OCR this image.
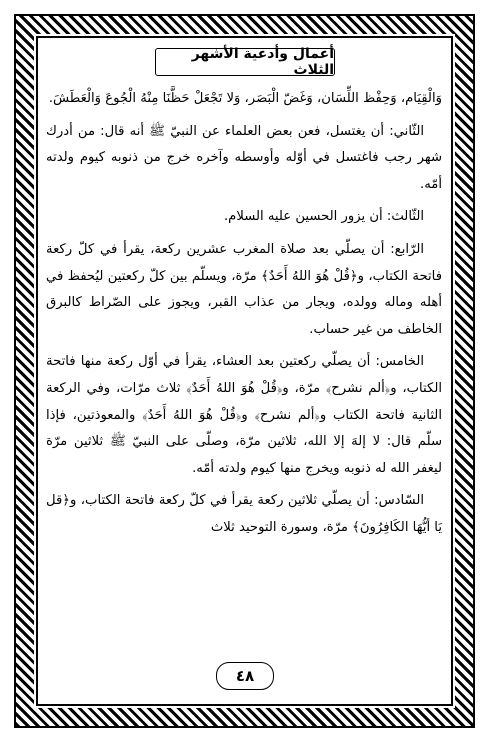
أعمال وأدعية الأشهر الثلاث

وَالْقِيَام، وَحِفْظ اللِّسَان، وَغَضّ الْبَصَر، وَلا تَجْعَلْ حَظَّنَا مِنْهُ الْجُوعَ وَالْعَطَشَ.

الثّاني: أن يغتسل، فعن بعض العلماء عن النبيّ ﷺ أنه قال: من أدرك شهر رجب فاغتسل في أوّله وأوسطه وآخره خرج من ذنوبه كيوم ولدته أمّه.

الثّالث: أن يزور الحسين عليه السلام.

الرّابع: أن يصلّي بعد صلاة المغرب عشرين ركعة، يقرأ في كلّ ركعة فاتحة الكتاب، و﴿قُلْ هُوَ اللهُ أَحَدٌ﴾ مرّة، ويسلّم بين كلّ ركعتين ليُحفظ في أهله وماله وولده، ويجار من عذاب القبر، ويجوز على الصّراط كالبرق الخاطف من غير حساب.

الخامس: أن يصلّي ركعتين بعد العشاء، يقرأ في أوّل ركعة منها فاتحة الكتاب، و﴿ألم نشرح﴾ مرّة، و﴿قُلْ هُوَ اللهُ أَحَدٌ﴾ ثلاث مرّات، وفي الركعة الثانية فاتحة الكتاب و﴿ألم نشرح﴾ و﴿قُلْ هُوَ اللهُ أَحَدٌ﴾ والمعوذتين، فإذا سلّم قال: لا إلهَ إلا الله، ثلاثين مرّة، وصلّى على النبيّ ﷺ ثلاثين مرّة ليغفر الله له ذنوبه ويخرج منها كيوم ولدته أمّه.

السّادس: أن يصلّي ثلاثين ركعة يقرأ في كلّ ركعة فاتحة الكتاب، و﴿قل يَا أيُّهَا الكَافِرُونَ﴾ مرّة، وسورة التوحيد ثلاث

٤٨
